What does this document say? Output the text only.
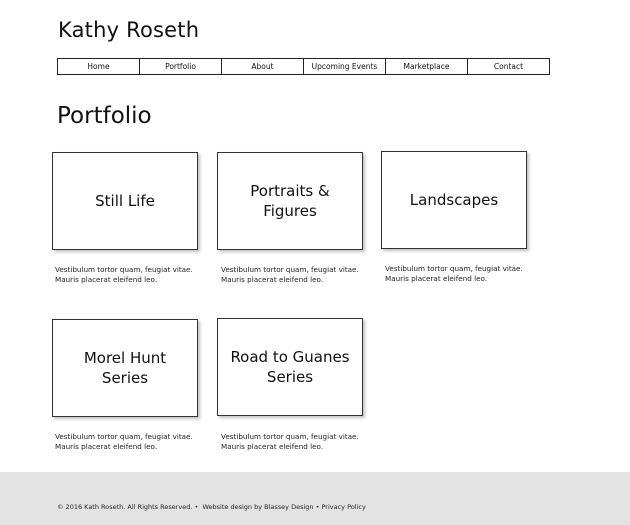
Kathy Roseth
Home	Portfolio	About	Upcoming Events	Marketplace	Contact
Portfolio
Still Life
Vestibulum tortor quam, feugiat vitae. Mauris placerat eleifend leo.
Portraits & Figures
Vestibulum tortor quam, feugiat vitae. Mauris placerat eleifend leo.
Landscapes
Vestibulum tortor quam, feugiat vitae. Mauris placerat eleifend leo.
Morel Hunt Series
Vestibulum tortor quam, feugiat vitae. Mauris placerat eleifend leo.
Road to Guanes Series
Vestibulum tortor quam, feugiat vitae. Mauris placerat eleifend leo.
© 2016 Kath Roseth. All Rights Reserved. •  Website design by Blassey Design • Privacy Policy
